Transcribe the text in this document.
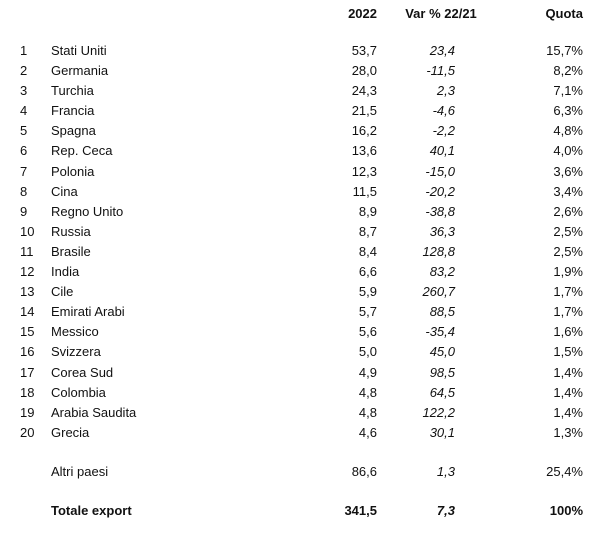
		2022	Var % 22/21	Quota

1	Stati Uniti	53,7	23,4	15,7%
2	Germania	28,0	-11,5	8,2%
3	Turchia	24,3	2,3	7,1%
4	Francia	21,5	-4,6	6,3%
5	Spagna	16,2	-2,2	4,8%
6	Rep. Ceca	13,6	40,1	4,0%
7	Polonia	12,3	-15,0	3,6%
8	Cina	11,5	-20,2	3,4%
9	Regno Unito	8,9	-38,8	2,6%
10	Russia	8,7	36,3	2,5%
11	Brasile	8,4	128,8	2,5%
12	India	6,6	83,2	1,9%
13	Cile	5,9	260,7	1,7%
14	Emirati Arabi	5,7	88,5	1,7%
15	Messico	5,6	-35,4	1,6%
16	Svizzera	5,0	45,0	1,5%
17	Corea Sud	4,9	98,5	1,4%
18	Colombia	4,8	64,5	1,4%
19	Arabia Saudita	4,8	122,2	1,4%
20	Grecia	4,6	30,1	1,3%

	Altri paesi	86,6	1,3	25,4%

	Totale export	341,5	7,3	100%
